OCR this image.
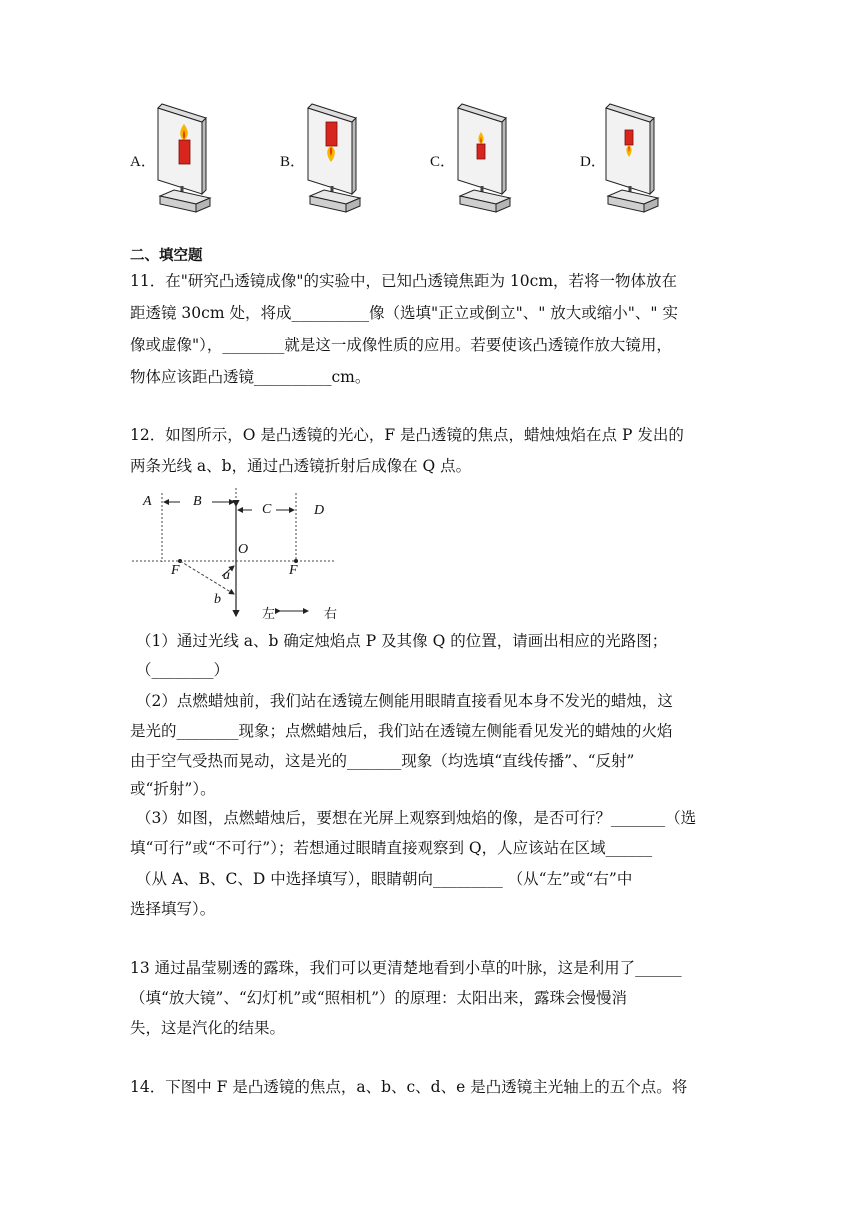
A．	B．	C．	D．
二、填空题
11．在"研究凸透镜成像"的实验中，已知凸透镜焦距为 10cm，若将一物体放在
距透镜 30cm 处，将成__________像（选填"正立或倒立"、" 放大或缩小"、" 实
像或虚像"），________就是这一成像性质的应用。若要使该凸透镜作放大镜用，
物体应该距凸透镜__________cm。
12．如图所示，O 是凸透镜的光心，F 是凸透镜的焦点，蜡烛烛焰在点 P 发出的
两条光线 a、b，通过凸透镜折射后成像在 Q 点。
A	B
C	D
O
F	F
a
b
左	右
（1）通过光线 a、b 确定烛焰点 P 及其像 Q 的位置，请画出相应的光路图；
（________）
（2）点燃蜡烛前，我们站在透镜左侧能用眼睛直接看见本身不发光的蜡烛，这
是光的________现象；点燃蜡烛后，我们站在透镜左侧能看见发光的蜡烛的火焰
由于空气受热而晃动，这是光的_______现象（均选填“直线传播”、“反射”
或“折射”）。
（3）如图，点燃蜡烛后，要想在光屏上观察到烛焰的像，是否可行？_______（选
填“可行”或“不可行”）；若想通过眼睛直接观察到 Q，人应该站在区域______
（从 A、B、C、D 中选择填写），眼睛朝向_________ （从“左”或“右”中
选择填写）。
13 通过晶莹剔透的露珠，我们可以更清楚地看到小草的叶脉，这是利用了______
（填“放大镜”、“幻灯机”或“照相机”）的原理：太阳出来，露珠会慢慢消
失，这是汽化的结果。
14．下图中 F 是凸透镜的焦点，a、b、c、d、e 是凸透镜主光轴上的五个点。将
